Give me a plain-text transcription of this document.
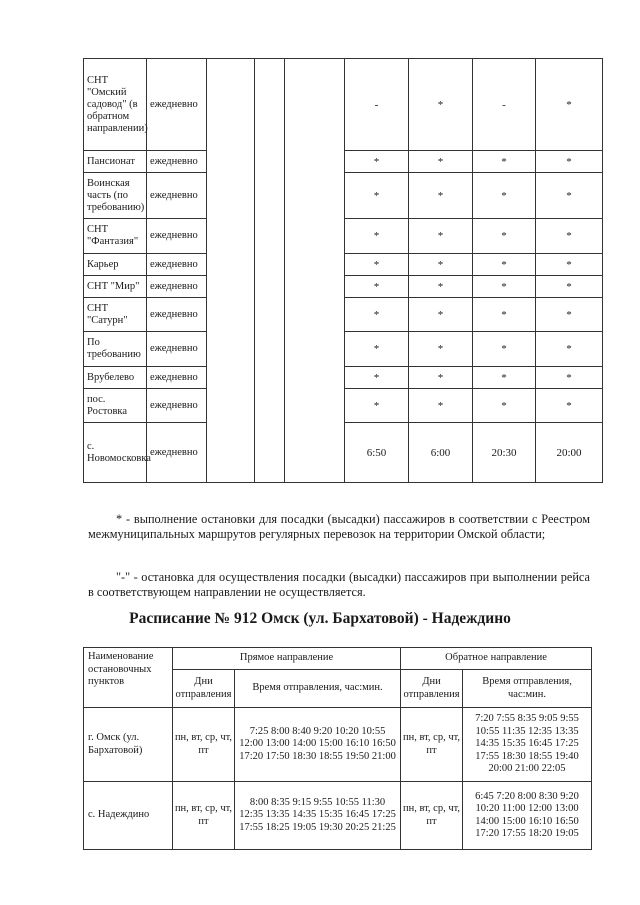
СНТ "Омский садовод" (в обратном направлении)	ежедневно				-	*	-	*
Пансионат	ежедневно				*	*	*	*
Воинская часть (по требованию)	ежедневно				*	*	*	*
СНТ "Фантазия"	ежедневно				*	*	*	*
Карьер	ежедневно				*	*	*	*
СНТ "Мир"	ежедневно				*	*	*	*
СНТ "Сатурн"	ежедневно				*	*	*	*
По требованию	ежедневно				*	*	*	*
Врубелево	ежедневно				*	*	*	*
пос. Ростовка	ежедневно				*	*	*	*
с. Новомосковка	ежедневно				6:50	6:00	20:30	20:00

* - выполнение остановки для посадки (высадки) пассажиров в соответствии с Реестром межмуниципальных маршрутов регулярных перевозок на территории Омской области;

"-" - остановка для осуществления посадки (высадки) пассажиров при выполнении рейса в соответствующем направлении не осуществляется.

Расписание № 912 Омск (ул. Бархатовой) - Надеждино
Наименование остановочных пунктов	Прямое направление		Обратное направление	
	Дни отправления	Время отправления, час:мин.	Дни отправления	Время отправления, час:мин.
г. Омск (ул. Бархатовой)	пн, вт, ср, чт, пт	7:25 8:00 8:40 9:20 10:20 10:55 12:00 13:00 14:00 15:00 16:10 16:50 17:20 17:50 18:30 18:55 19:50 21:00	пн, вт, ср, чт, пт	7:20 7:55 8:35 9:05 9:55 10:55 11:35 12:35 13:35 14:35 15:35 16:45 17:25 17:55 18:30 18:55 19:40 20:00 21:00 22:05
с. Надеждино	пн, вт, ср, чт, пт	8:00 8:35 9:15 9:55 10:55 11:30 12:35 13:35 14:35 15:35 16:45 17:25 17:55 18:25 19:05 19:30 20:25 21:25	пн, вт, ср, чт, пт	6:45 7:20 8:00 8:30 9:20 10:20 11:00 12:00 13:00 14:00 15:00 16:10 16:50 17:20 17:55 18:20 19:05
